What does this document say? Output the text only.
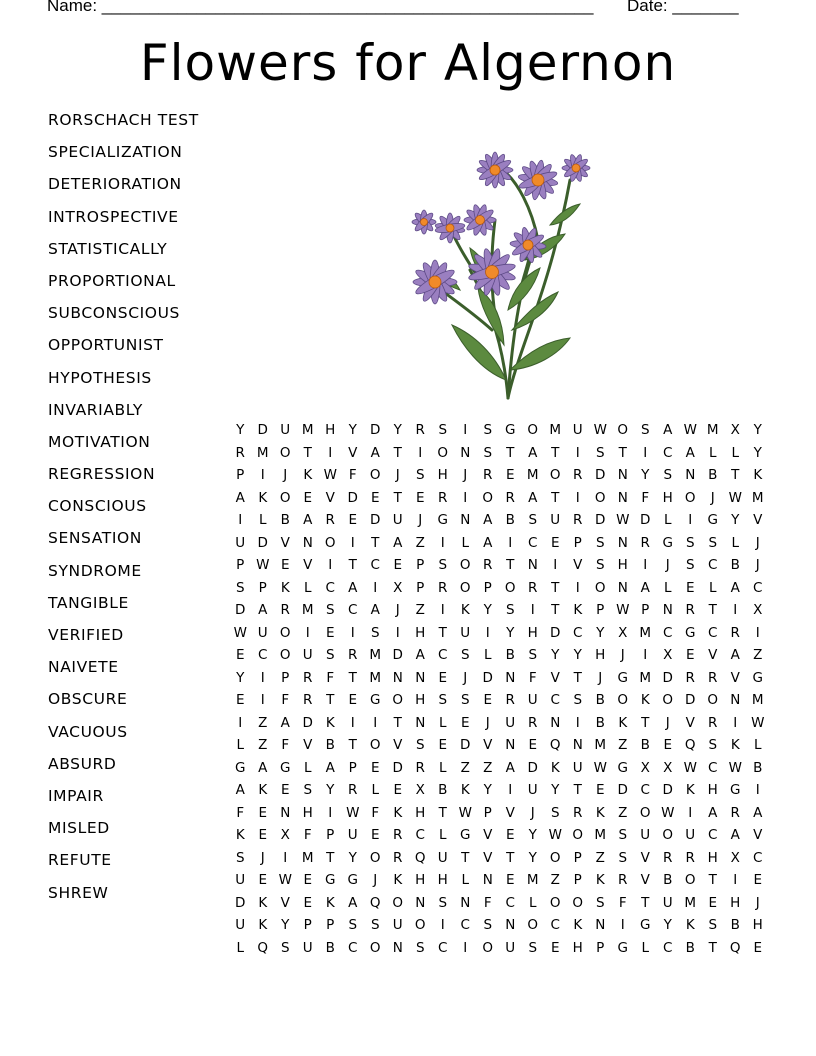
Name: ____________________________________________________ Date: _______
Flowers for Algernon
RORSCHACH TEST
SPECIALIZATION
DETERIORATION
INTROSPECTIVE
STATISTICALLY
PROPORTIONAL
SUBCONSCIOUS
OPPORTUNIST
HYPOTHESIS
INVARIABLY
MOTIVATION
REGRESSION
CONSCIOUS
SENSATION
SYNDROME
TANGIBLE
VERIFIED
NAIVETE
OBSCURE
VACUOUS
ABSURD
IMPAIR
MISLED
REFUTE
SHREW
Y D U M H Y D Y	R	S	I	S G O M U W O S	A W M X	Y
R M O T	I	V A	T	I	O N S	T	A	T	I	S	T	I	C A	L	L	Y
P	I	J	K W F O	J	S H	J	R	E M O R D N Y	S N B	T	K
A K O E	V D E	T	E	R	I	O R A	T	I	O N	F	H O	J	W M
I	L	B A R	E D U	J	G N A B	S U R D W D	L	I	G Y	V
U D V N O	I	T	A Z	I	L	A	I	C	E	P	S N R G S	S	L	J
P W E	V	I	T	C	E	P	S O R	T N	I	V	S H	I	J	S	C B	J
S	P	K	L	C A	I	X	P	R O P O R	T	I	O N A	L	E	L	A C
D A R M S	C A	J	Z	I	K	Y	S	I	T	K	P W P N R	T	I	X
W U O	I	E	I	S	I	H T U	I	Y H D C	Y	X M C G C R	I
E	C O U S	R M D A C S	L	B	S	Y	Y H	J	I	X	E	V A Z
Y	I	P	R	F	T M N N E	J	D N	F	V	T	J	G M D R R V G
E	I	F	R	T	E G O H S	S	E	R U C S	B O K O D O N M
I	Z A D K	I	I	T N	L	E	J	U R N	I	B K	T	J	V R	I	W
L	Z	F	V B	T O V	S	E D V N E Q N M Z B	E Q S	K	L
G A G	L	A	P	E D R	L	Z Z A D K U W G X X W C W B
A K	E	S	Y	R	L	E	X B K	Y	I	U Y	T	E D C D K H G	I
F	E N H	I	W F	K H T W P	V	J	S	R K Z O W	I	A R A
K	E	X	F	P U E	R C	L	G V	E	Y W O M S U O U C A V
S	J	I	M T	Y O R Q U T	V	T	Y O P	Z	S	V R R H X C
U E W E G G	J	K H H	L	N E M Z	P	K R V B O T	I	E
D K V	E	K A Q O N S N	F	C	L O O S	F	T U M E H	J
U K	Y	P	P	S	S U O	I	C S N O C K N	I	G Y	K	S	B H
L Q S U B C O N S	C	I	O U S	E H P G	L	C B	T Q E
